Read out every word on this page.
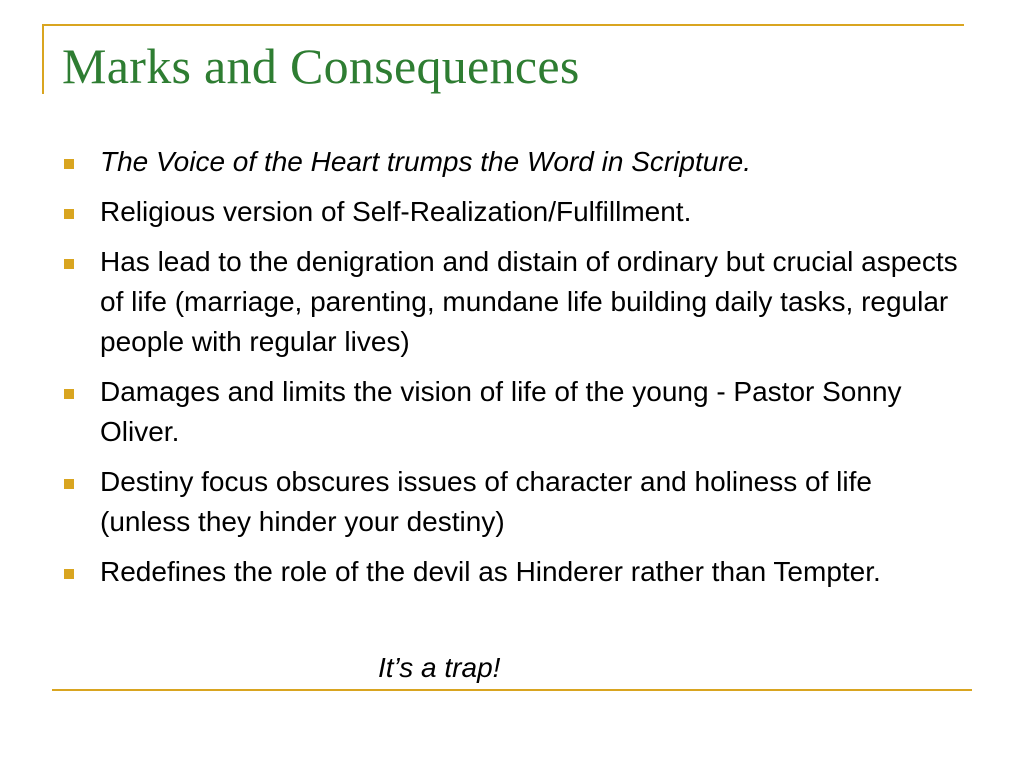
Marks and Consequences
The Voice of the Heart trumps the Word in Scripture.
Religious version of Self-Realization/Fulfillment.
Has lead to the denigration and distain of ordinary but crucial aspects of life (marriage, parenting, mundane life building daily tasks, regular people with regular lives)
Damages and limits the vision of life of the young - Pastor Sonny Oliver.
Destiny focus obscures issues of character and holiness of life (unless they hinder your destiny)
Redefines the role of the devil as Hinderer rather than Tempter.

It’s a trap!
